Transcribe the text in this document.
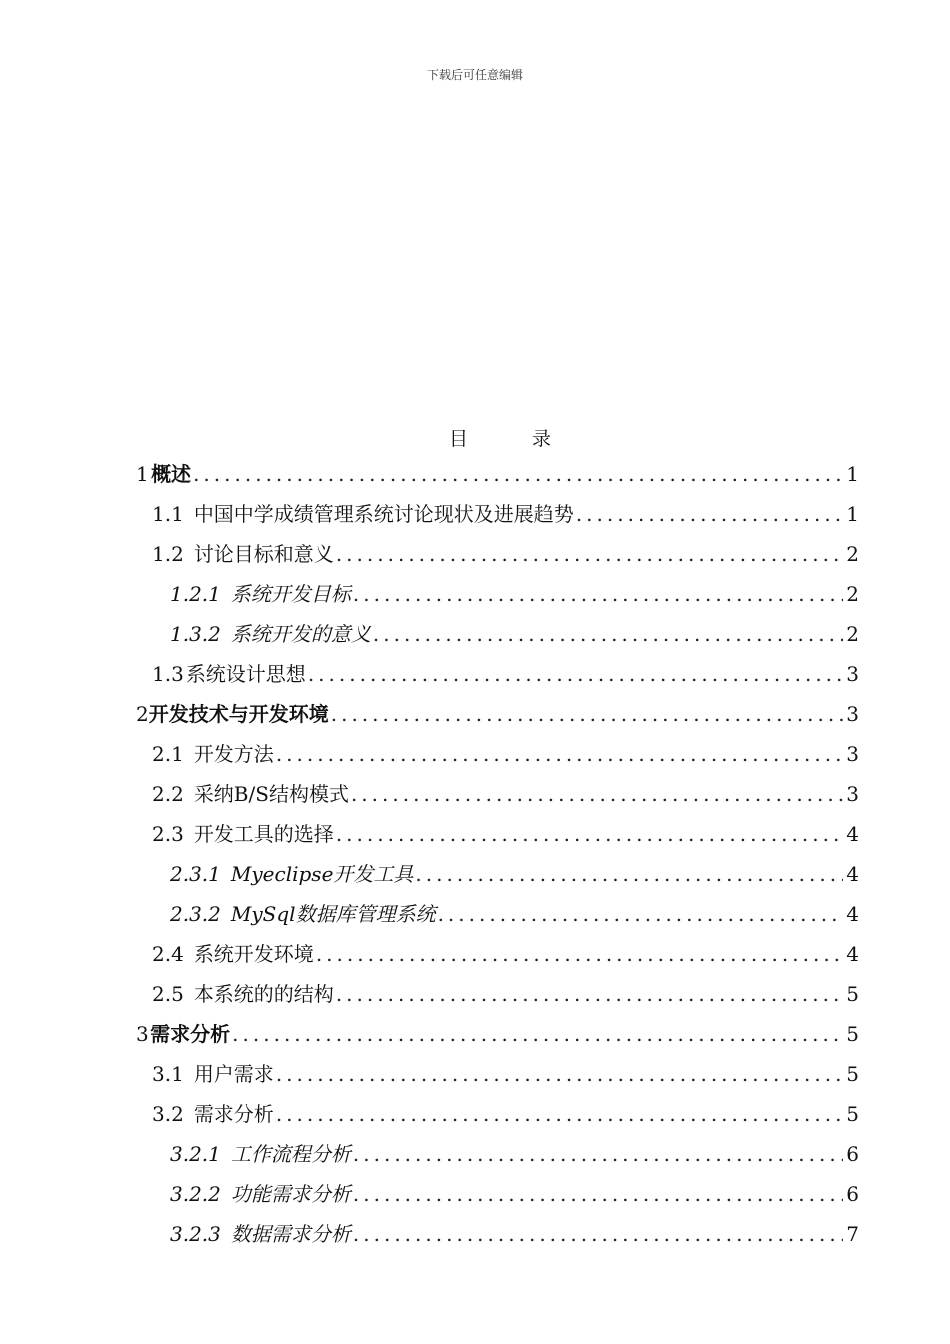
下载后可任意编辑
目 录
1 概述 .....	1
1.1 中国中学成绩管理系统讨论现状及进展趋势 .....	1
1.2 讨论目标和意义 .....	2
1.2.1 系统开发目标 .....	2
1.3.2 系统开发的意义 .....	2
1.3 系统设计思想 .....	3
2 开发技术与开发环境 .....	3
2.1 开发方法 .....	3
2.2 采纳B/S结构模式 .....	3
2.3 开发工具的选择 .....	4
2.3.1 Myeclipse开发工具 .....	4
2.3.2 MySql数据库管理系统 .....	4
2.4 系统开发环境 .....	4
2.5 本系统的的结构 .....	5
3 需求分析 .....	5
3.1 用户需求 .....	5
3.2 需求分析 .....	5
3.2.1 工作流程分析 .....	6
3.2.2 功能需求分析 .....	6
3.2.3 数据需求分析 .....	7
